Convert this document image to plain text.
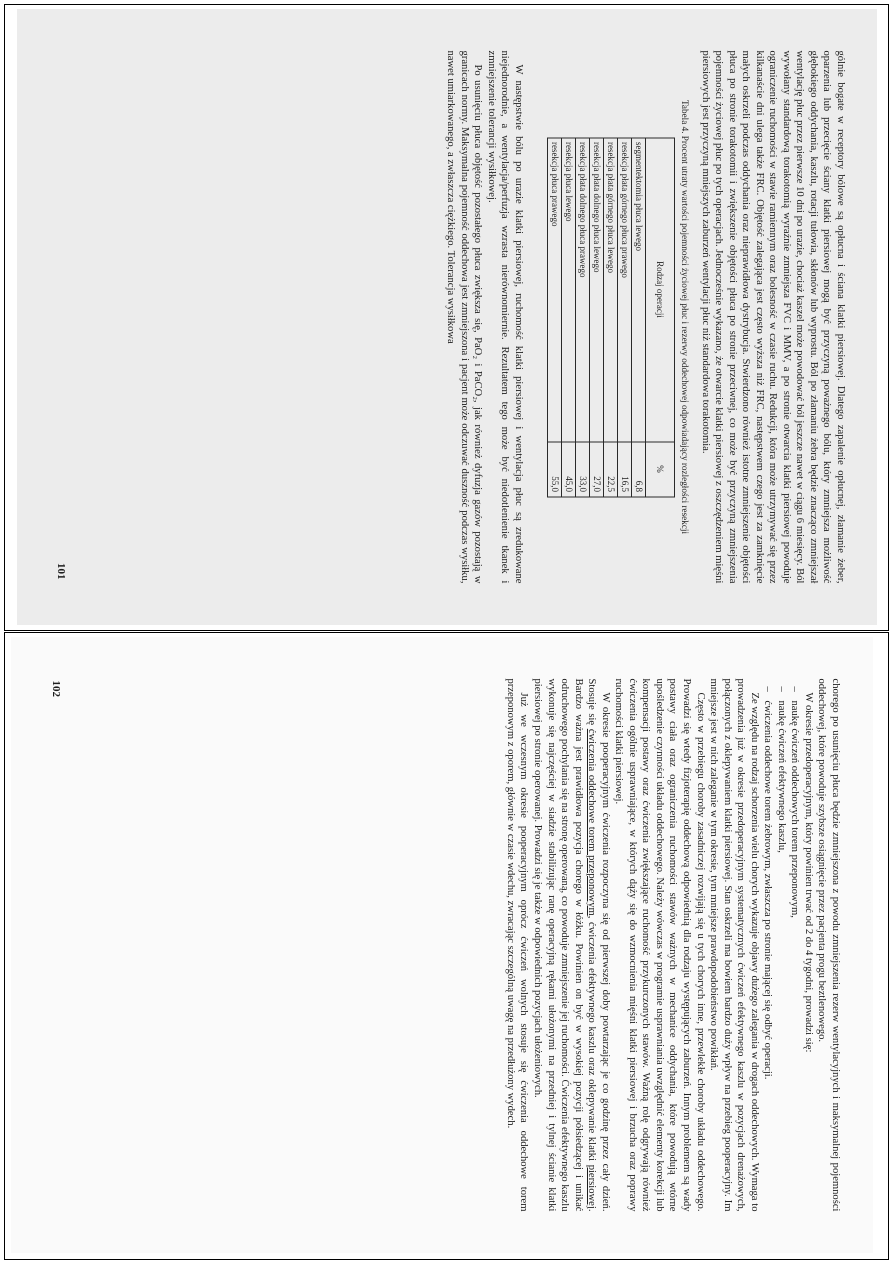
gólnie bogate w receptory bólowe są opłucna i ściana klatki piersiowej. Dlatego zapalenie opłucnej, złamanie żeber, oparzenia lub przecięcie ściany klatki piersiowej mogą być przyczyną poważnego bólu, który zmniejsza możliwość głębokiego oddychania, kaszlu, rotacji tułowia, skłonów lub wyprostu. Ból po złamaniu żebra będzie znacząco zmniejszał wentylację płuc przez pierwsze 10 dni po urazie, chociaż kaszel może powodować ból jeszcze nawet w ciągu 6 miesięcy. Ból wywołany standardową torakotomią wyraźnie zmniejsza FVC i MMV, a po stronie otwarcia klatki piersiowej powoduje ograniczenie ruchomości w stawie ramiennym oraz bolesność w czasie ruchu. Redukcji, która może utrzymywać się przez kilkanaście dni ulega także FRC. Objętość zalegająca jest często wyższa niż FRC, następstwem czego jest za zamknięcie małych oskrzeli podczas oddychania oraz nieprawidłowa dystrybucja. Stwierdzono również istotne zmniejszenie objętości płuca po stronie torakotomii i zwiększenie objętości płuca po stronie przeciwnej, co może być przyczyną zmniejszenia pojemności życiowej płuc po tych operacjach. Jednocześnie wykazano, że otwarcie klatki piersiowej z oszczędzeniem mięśni piersiowych jest przyczyną mniejszych zaburzeń wentylacji płuc niż standardowa torakotomia.

Tabela 4. Procent utraty wartości pojemności życiowej płuc i rezerwy oddechowej odpowiadający rozległości resekcji
Rodzaj operacji	%
segmentektomia płuca lewego	6,8
resekcja płata górnego płuca prawego	16,5
resekcja płata górnego płuca lewego	22,5
resekcja płata dolnego płuca lewego	27,0
resekcja płata dolnego płuca prawego	33,0
resekcja płuca lewego	45,0
resekcja płuca prawego	55,0

W następstwie bólu po urazie klatki piersiowej, ruchomość klatki piersiowej i wentylacja płuc są zredukowane niejednorodnie, a wentylacja/perfuzja wzrasta nierównomiernie. Rezultatem tego może być niedotlenienie tkanek i zmniejszenie tolerancji wysiłkowej.

Po usunięciu płuca objętość pozostałego płuca zwiększa się, PaO₂ i PaCO₂, jak również dyfuzja gazów pozostają w granicach normy. Maksymalna pojemność oddechowa jest zmniejszona i pacjent może odczuwać duszność podczas wysiłku, nawet umiarkowanego, a zwłaszcza ciężkiego. Tolerancja wysiłkowa

101

chorego po usunięciu płuca będzie zmniejszona z powodu zmniejszenia rezerw wentylacyjnych i maksymalnej pojemności oddechowej, które powoduje szybsze osiągnięcie przez pacjenta progu beztlenowego.

W okresie przedoperacyjnym, który powinien trwać od 2 do 4 tygodni, prowadzi się:

– naukę ćwiczeń oddechowych torem przeponowym,
– naukę ćwiczeń efektywnego kaszlu,
– ćwiczenia oddechowe torem żebrowym, zwłaszcza po stronie mającej się odbyć operacji.

Ze względu na rodzaj schorzenia wielu chorych wykazuje objawy dużego zalegania w drogach oddechowych. Wymaga to prowadzenia już w okresie przedoperacyjnym systematycznych ćwiczeń efektywnego kaszlu w pozycjach drenażowych, połączonych z oklepywaniem klatki piersiowej. Stan oskrzeli ma bowiem bardzo duży wpływ na przebieg pooperacyjny. Im mniejsze jest w nich zaleganie w tym okresie, tym mniejsze prawdopodobieństwo powikłań.

Często w przebiegu choroby zasadniczej rozwijają się u tych chorych inne, przewlekłe choroby układu oddechowego. Prowadzi się wtedy fizjoterapię oddechową odpowiednią dla rodzaju występujących zaburzeń. Innym problemem są wady postawy ciała oraz ograniczenia ruchomości stawów ważnych w mechanice oddychania, które powodują wtórne upośledzenie czynności układu oddechowego. Należy wówczas w programie usprawniania uwzględnić elementy korekcji lub kompensacji postawy oraz ćwiczenia zwiększające ruchomość przykurczonych stawów. Ważną rolę odgrywają również ćwiczenia ogólnie usprawniające, w których dąży się do wzmocnienia mięśni klatki piersiowej i brzucha oraz poprawy ruchomości klatki piersiowej.

W okresie pooperacyjnym ćwiczenia rozpoczyna się od pierwszej doby powtarzając je co godzinę przez cały dzień. Stosuje się ćwiczenia oddechowe torem przeponowym, ćwiczenia efektywnego kaszlu oraz oklepywanie klatki piersiowej. Bardzo ważna jest prawidłowa pozycja chorego w łóżku. Powinien on być w wysokiej pozycji półsiedzącej i unikać odruchowego pochylania się na stronę operowaną, co powoduje zmniejszenie jej ruchomości. Ćwiczenia efektywnego kaszlu wykonuje się najczęściej w siadzie stabilizując ranę operacyjną rękami ułożonymi na przedniej i tylnej ścianie klatki piersiowej po stronie operowanej. Prowadzi się je także w odpowiednich pozycjach ułożeniowych.

Już we wczesnym okresie pooperacyjnym oprócz ćwiczeń wolnych stosuje się ćwiczenia oddechowe torem przeponowym z oporem, głównie w czasie wdechu, zwracając szczególną uwagę na przedłużony wydech.

102
